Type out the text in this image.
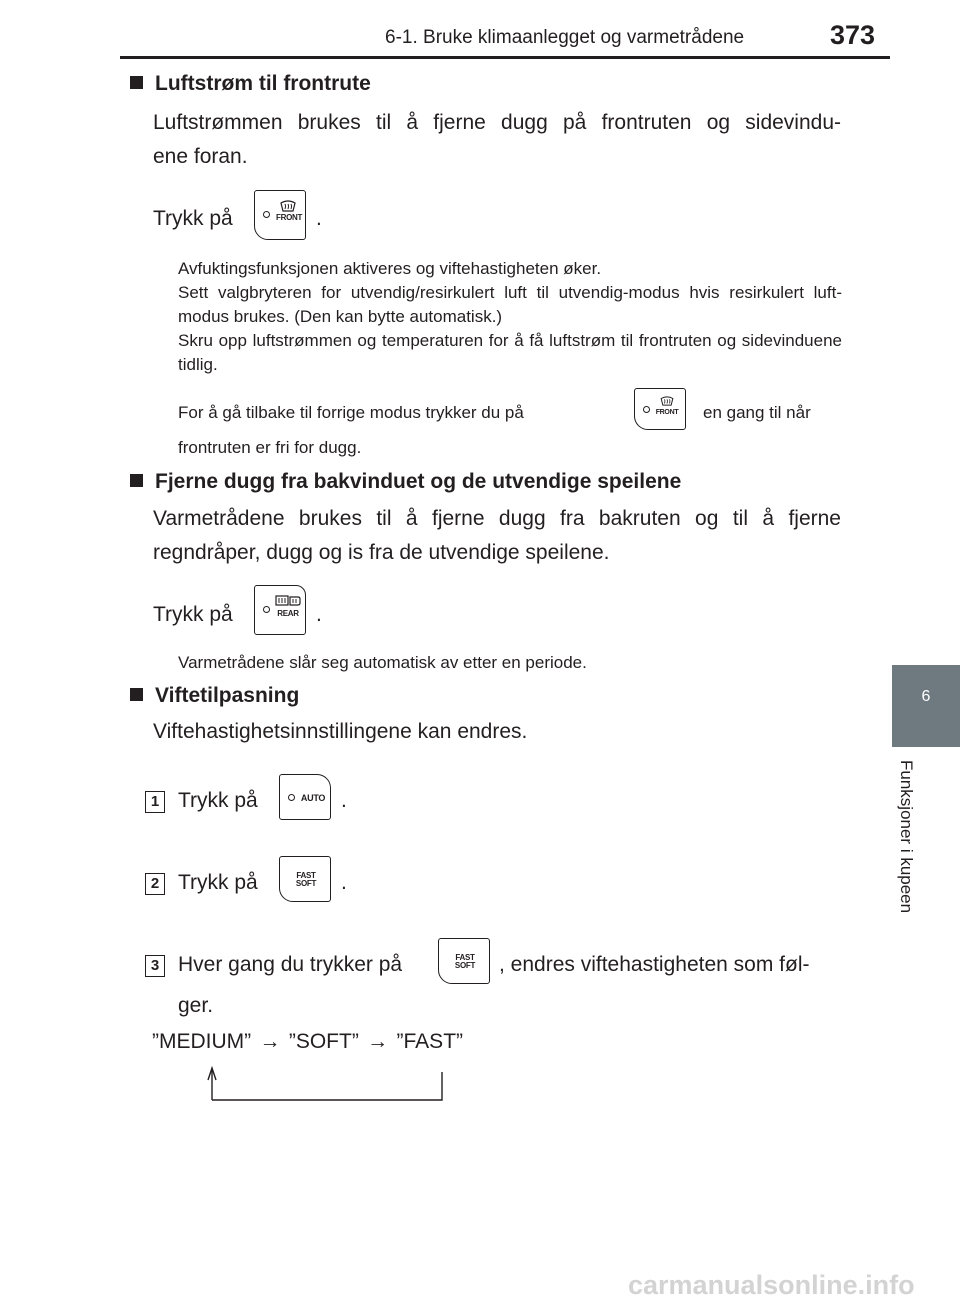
6-1. Bruke klimaanlegget og varmetrådene	373
6
Funksjoner i kupeen
Luftstrøm til frontrute
Luftstrømmen brukes til å fjerne dugg på frontruten og sidevindu-
ene foran.
Trykk på	FRONT .
Avfuktingsfunksjonen aktiveres og viftehastigheten øker.
Sett valgbryteren for utvendig/resirkulert luft til utvendig-modus hvis resirkulert luft-modus brukes. (Den kan bytte automatisk.)
Skru opp luftstrømmen og temperaturen for å få luftstrøm til frontruten og sidevinduene tidlig.
For å gå tilbake til forrige modus trykker du på	FRONT en gang til når
frontruten er fri for dugg.
Fjerne dugg fra bakvinduet og de utvendige speilene
Varmetrådene brukes til å fjerne dugg fra bakruten og til å fjerne
regndråper, dugg og is fra de utvendige speilene.
Trykk på	REAR .
Varmetrådene slår seg automatisk av etter en periode.
Viftetilpasning
Viftehastighetsinnstillingene kan endres.
1 Trykk på	AUTO .
2 Trykk på	FAST
SOFT .
3 Hver gang du trykker på	FAST
SOFT , endres viftehastigheten som føl-
ger.
”MEDIUM” → ”SOFT” → ”FAST”
carmanualsonline.info
